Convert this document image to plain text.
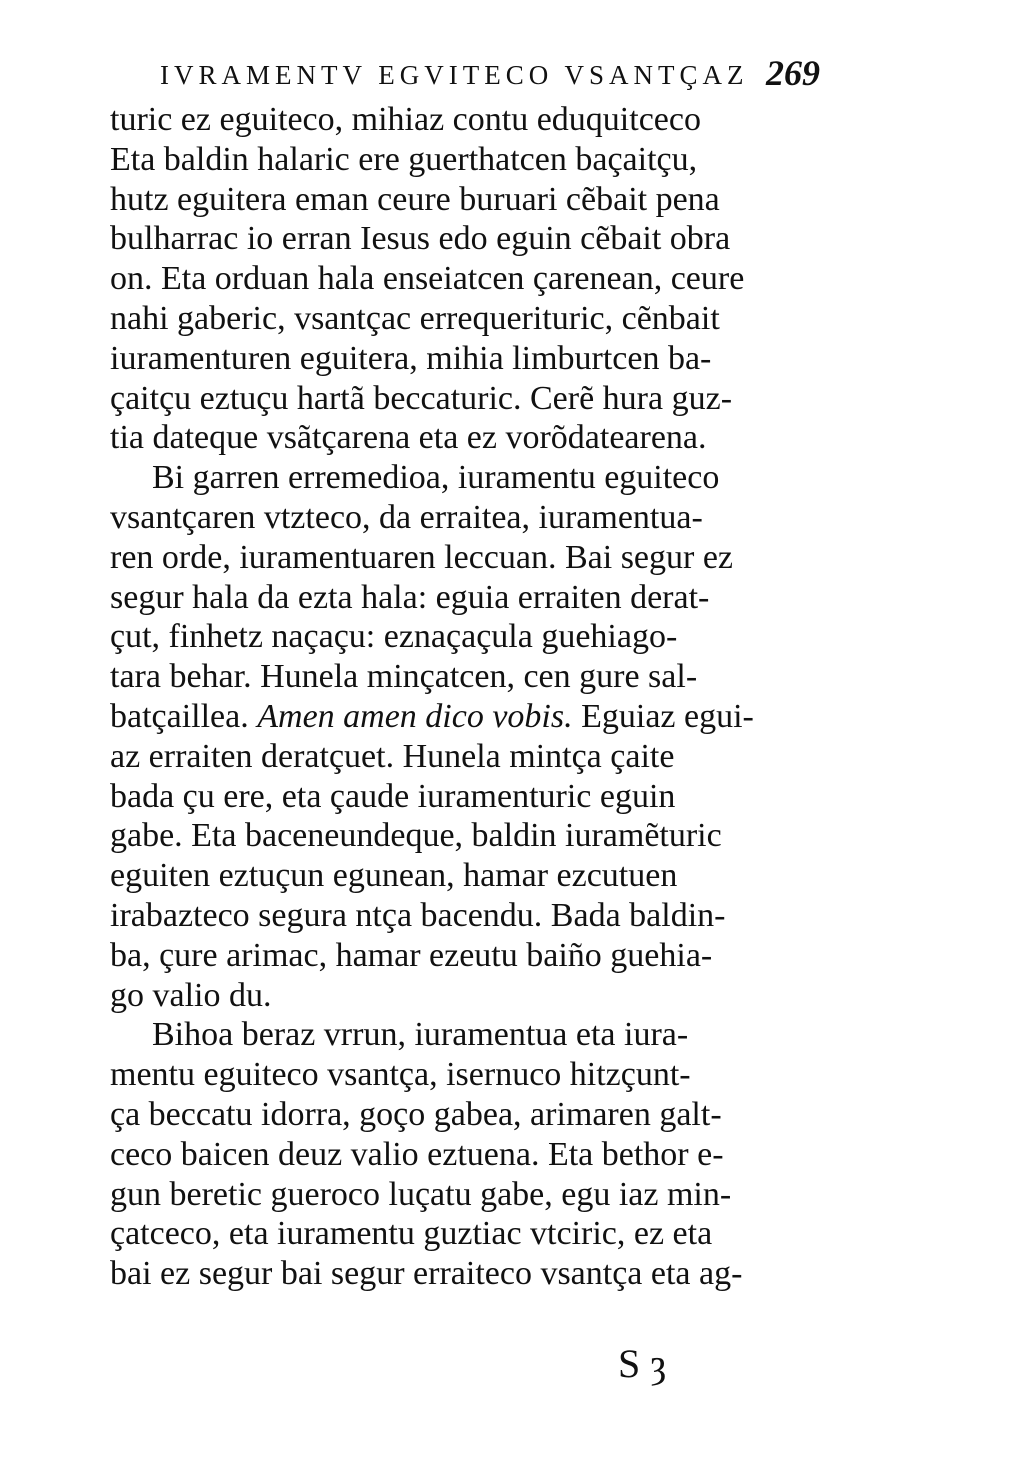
IVRAMENTV EGVITECO VSANTÇAZ 269
turic ez eguiteco, mihiaz contu eduquitceco
Eta baldin halaric ere guerthatcen baçaitçu,
hutz eguitera eman ceure buruari cẽbait pena
bulharrac io erran Iesus edo eguin cẽbait obra
on. Eta orduan hala enseiatcen çarenean, ceure
nahi gaberic, vsantçac errequerituric, cẽnbait
iuramenturen eguitera, mihia limburtcen ba-
çaitçu eztuçu hartã beccaturic. Cerẽ hura guz-
tia dateque vsãtçarena eta ez vorõdatearena.
Bi garren erremedioa, iuramentu eguiteco
vsantçaren vtzteco, da erraitea, iuramentua-
ren orde, iuramentuaren leccuan. Bai segur ez
segur hala da ezta hala: eguia erraiten derat-
çut, finhetz naçaçu: eznaçaçula guehiago-
tara behar. Hunela minçatcen, cen gure sal-
batçaillea. Amen amen dico vobis. Eguiaz egui-
az erraiten deratçuet. Hunela mintça çaite
bada çu ere, eta çaude iuramenturic eguin
gabe. Eta baceneundeque, baldin iuramẽturic
eguiten eztuçun egunean, hamar ezcutuen
irabazteco segura ntça bacendu. Bada baldin-
ba, çure arimac, hamar ezeutu baiño guehia-
go valio du.
Bihoa beraz vrrun, iuramentua eta iura-
mentu eguiteco vsantça, isernuco hitzçunt-
ça beccatu idorra, goço gabea, arimaren galt-
ceco baicen deuz valio eztuena. Eta bethor e-
gun beretic gueroco luçatu gabe, egu iaz min-
çatceco, eta iuramentu guztiac vtciric, ez eta
bai ez segur bai segur erraiteco vsantça eta ag-
S ȝ
